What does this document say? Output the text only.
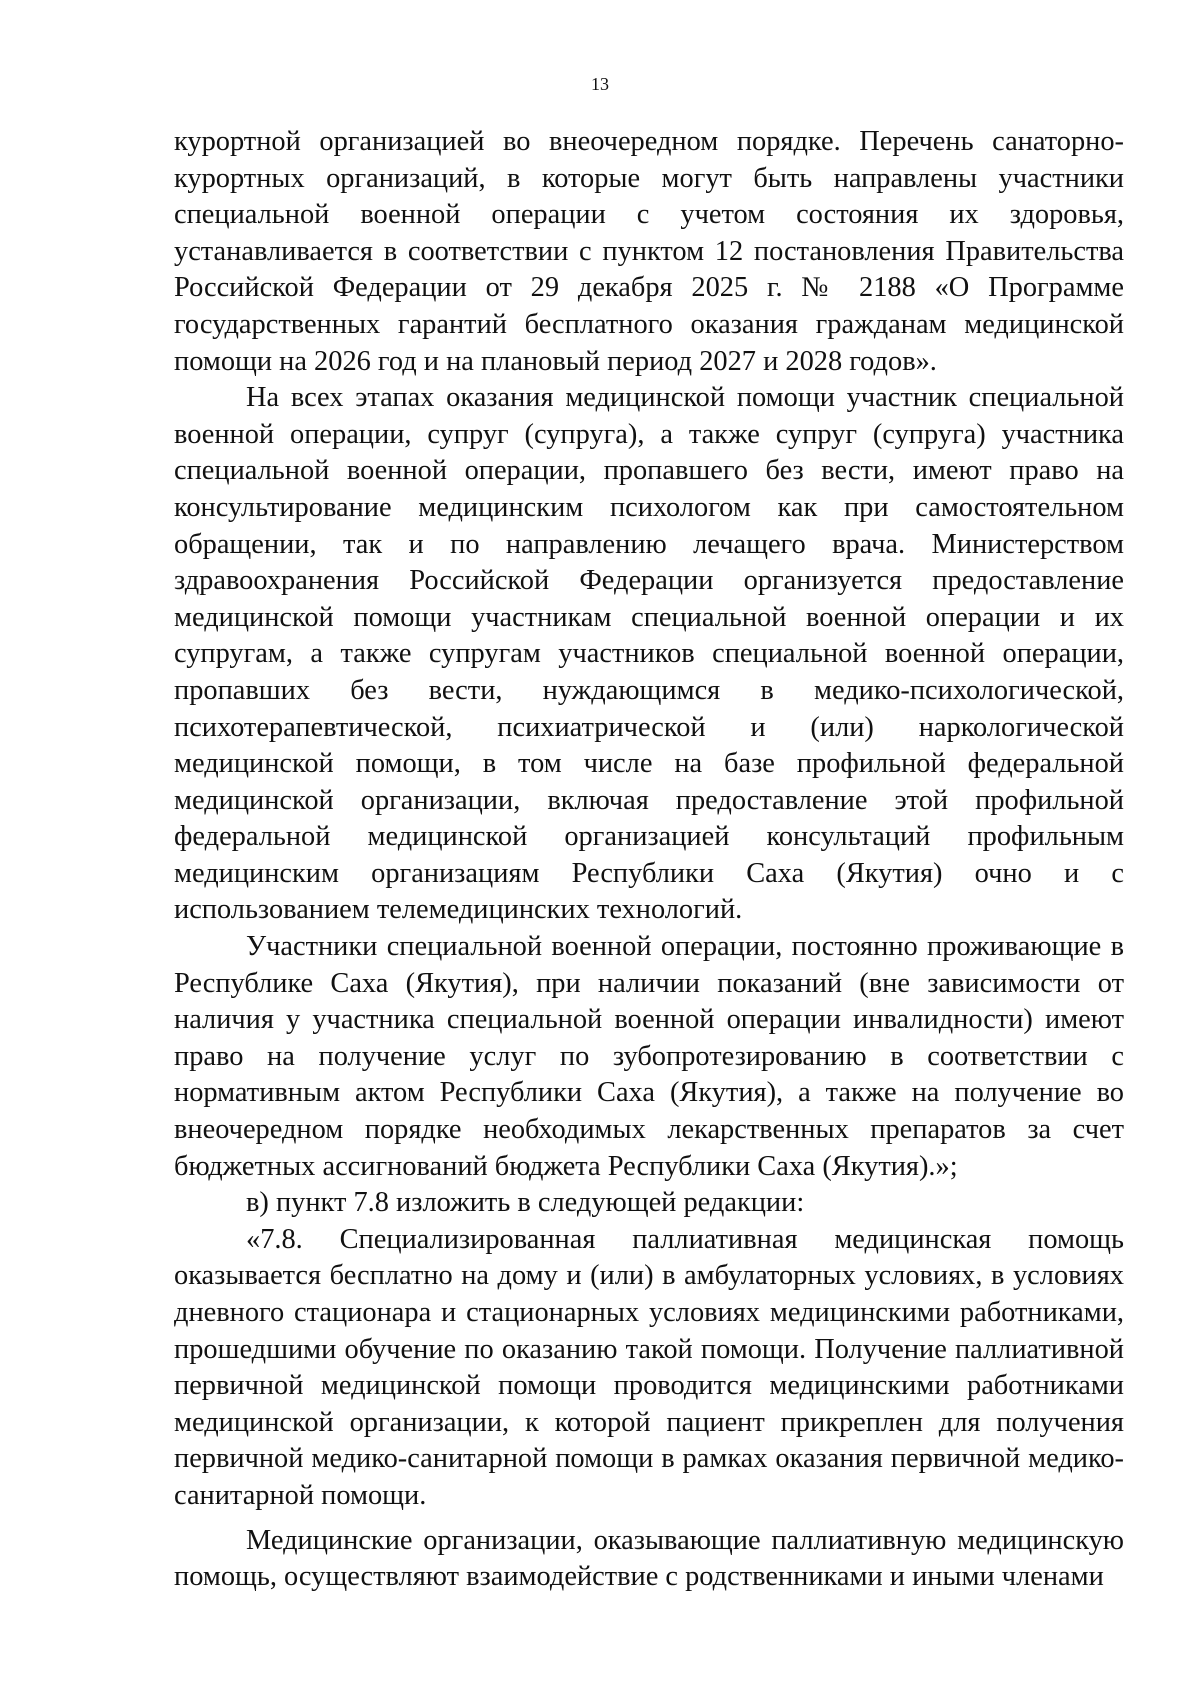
13

курортной организацией во внеочередном порядке. Перечень санаторно-курортных организаций, в которые могут быть направлены участники специальной военной операции с учетом состояния их здоровья, устанавливается в соответствии с пунктом 12 постановления Правительства Российской Федерации от 29 декабря 2025 г. № 2188 «О Программе государственных гарантий бесплатного оказания гражданам медицинской помощи на 2026 год и на плановый период 2027 и 2028 годов».

На всех этапах оказания медицинской помощи участник специальной военной операции, супруг (супруга), а также супруг (супруга) участника специальной военной операции, пропавшего без вести, имеют право на консультирование медицинским психологом как при самостоятельном обращении, так и по направлению лечащего врача. Министерством здравоохранения Российской Федерации организуется предоставление медицинской помощи участникам специальной военной операции и их супругам, а также супругам участников специальной военной операции, пропавших без вести, нуждающимся в медико-психологической, психотерапевтической, психиатрической и (или) наркологической медицинской помощи, в том числе на базе профильной федеральной медицинской организации, включая предоставление этой профильной федеральной медицинской организацией консультаций профильным медицинским организациям Республики Саха (Якутия) очно и с использованием телемедицинских технологий.

Участники специальной военной операции, постоянно проживающие в Республике Саха (Якутия), при наличии показаний (вне зависимости от наличия у участника специальной военной операции инвалидности) имеют право на получение услуг по зубопротезированию в соответствии с нормативным актом Республики Саха (Якутия), а также на получение во внеочередном порядке необходимых лекарственных препаратов за счет бюджетных ассигнований бюджета Республики Саха (Якутия).»;

в) пункт 7.8 изложить в следующей редакции:

«7.8. Специализированная паллиативная медицинская помощь оказывается бесплатно на дому и (или) в амбулаторных условиях, в условиях дневного стационара и стационарных условиях медицинскими работниками, прошедшими обучение по оказанию такой помощи. Получение паллиативной первичной медицинской помощи проводится медицинскими работниками медицинской организации, к которой пациент прикреплен для получения первичной медико-санитарной помощи в рамках оказания первичной медико-санитарной помощи.

Медицинские организации, оказывающие паллиативную медицинскую помощь, осуществляют взаимодействие с родственниками и иными членами
